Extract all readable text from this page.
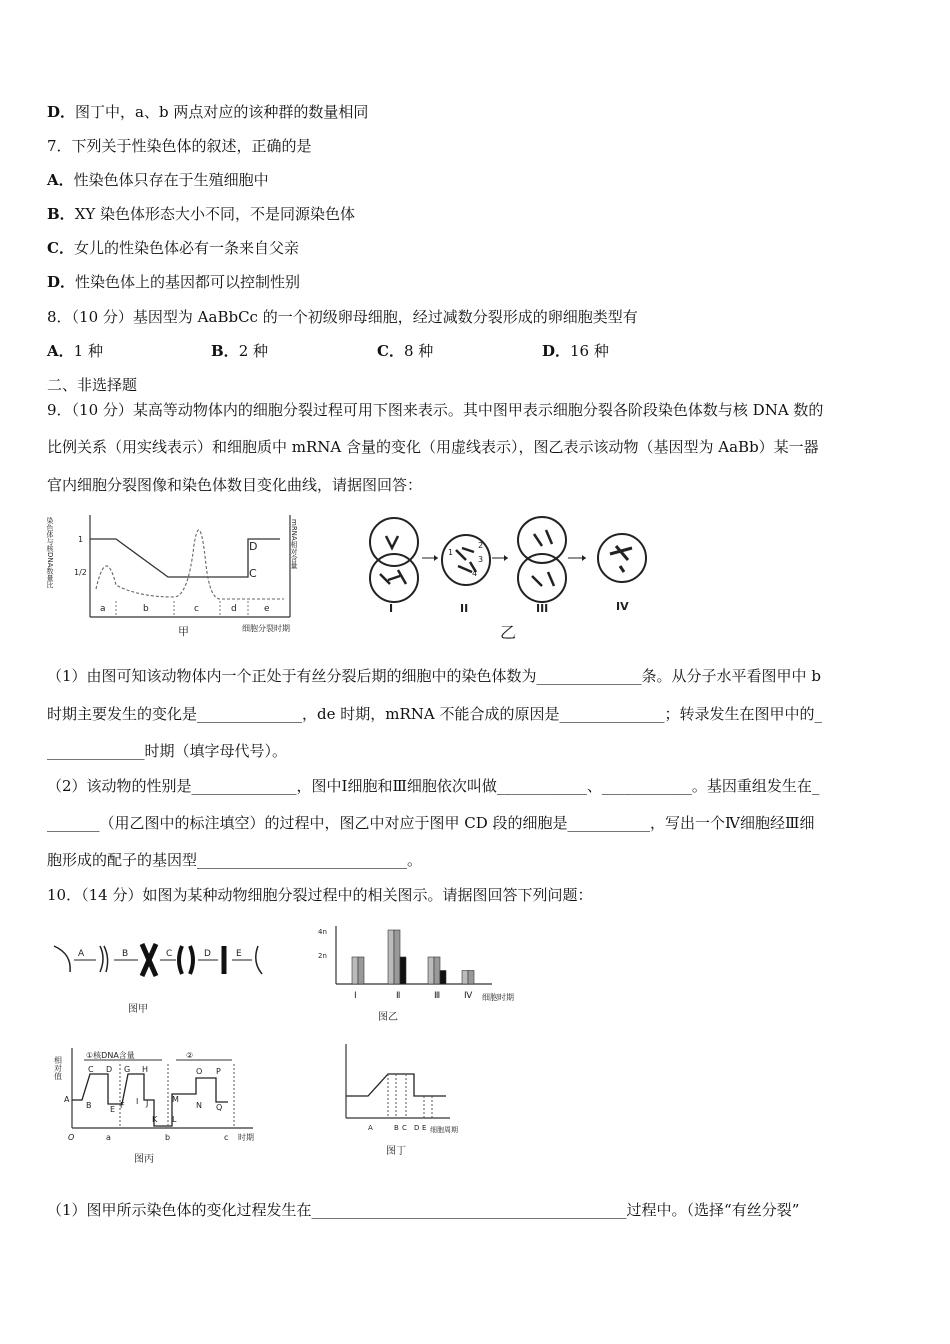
D．图丁中，a、b 两点对应的该种群的数量相同
7．下列关于性染色体的叙述，正确的是
A．性染色体只存在于生殖细胞中
B．XY 染色体形态大小不同，不是同源染色体
C．女儿的性染色体必有一条来自父亲
D．性染色体上的基因都可以控制性别
8．（10 分）基因型为 AaBbCc 的一个初级卵母细胞，经过减数分裂形成的卵细胞类型有
A．1 种	B．2 种	C．8 种	D．16 种
二、非选择题
9．（10 分）某高等动物体内的细胞分裂过程可用下图来表示。其中图甲表示细胞分裂各阶段染色体数与核 DNA 数的
比例关系（用实线表示）和细胞质中 mRNA 含量的变化（用虚线表示），图乙表示该动物（基因型为 AaBb）某一器
官内细胞分裂图像和染色体数目变化曲线，请据图回答：
染色体与核DNA数量比	1
1/2
mRNA相对含量
a	b	c	d	e
D
C
细胞分裂时期
甲
1
2
3
4
I	II	III	IV
乙
（1）由图可知该动物体内一个正处于有丝分裂后期的细胞中的染色体数为______________条。从分子水平看图甲中 b
时期主要发生的变化是______________，de 时期，mRNA 不能合成的原因是______________；转录发生在图甲中的_
_____________时期（填字母代号）。
（2）该动物的性别是______________，图中Ⅰ细胞和Ⅲ细胞依次叫做____________、____________。基因重组发生在_
_______（用乙图中的标注填空）的过程中，图乙中对应于图甲 CD 段的细胞是___________，写出一个Ⅳ细胞经Ⅲ细
胞形成的配子的基因型____________________________。
10．（14 分）如图为某种动物细胞分裂过程中的相关图示。请据图回答下列问题：
A	B	C	D	E
图甲
4n
2n
Ⅰ	Ⅱ	Ⅲ	Ⅳ 细胞时期
图乙
相对值
①核DNA含量	②
A
B
C D
E F
G H
I J
K L
M
N
O P
Q
O	a	b	c 时期
图丙
A	B C D E 细胞周期
图丁
（1）图甲所示染色体的变化过程发生在__________________________________________过程中。（选择“有丝分裂”
